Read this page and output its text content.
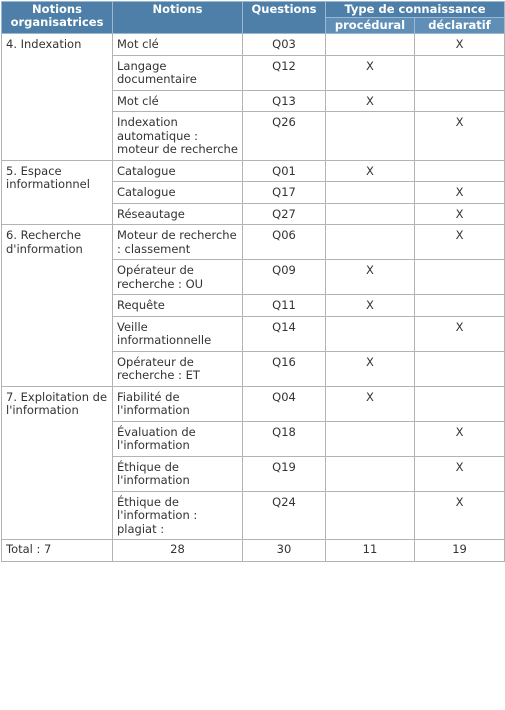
Notions organisatrices	Notions	Questions	Type de connaissance	
			procédural	déclaratif
4. Indexation	Mot clé	Q03		X
	Langage documentaire	Q12	X	
	Mot clé	Q13	X	
	Indexation automatique : moteur de recherche	Q26		X
5. Espace informationnel	Catalogue	Q01	X	
	Catalogue	Q17		X
	Réseautage	Q27		X
6. Recherche d'information	Moteur de recherche : classement	Q06		X
	Opérateur de recherche : OU	Q09	X	
	Requête	Q11	X	
	Veille informationnelle	Q14		X
	Opérateur de recherche : ET	Q16	X	
7. Exploitation de l'information	Fiabilité de l'information	Q04	X	
	Évaluation de l'information	Q18		X
	Éthique de l'information	Q19		X
	Éthique de l'information : plagiat :	Q24		X
Total : 7	28	30	11	19
